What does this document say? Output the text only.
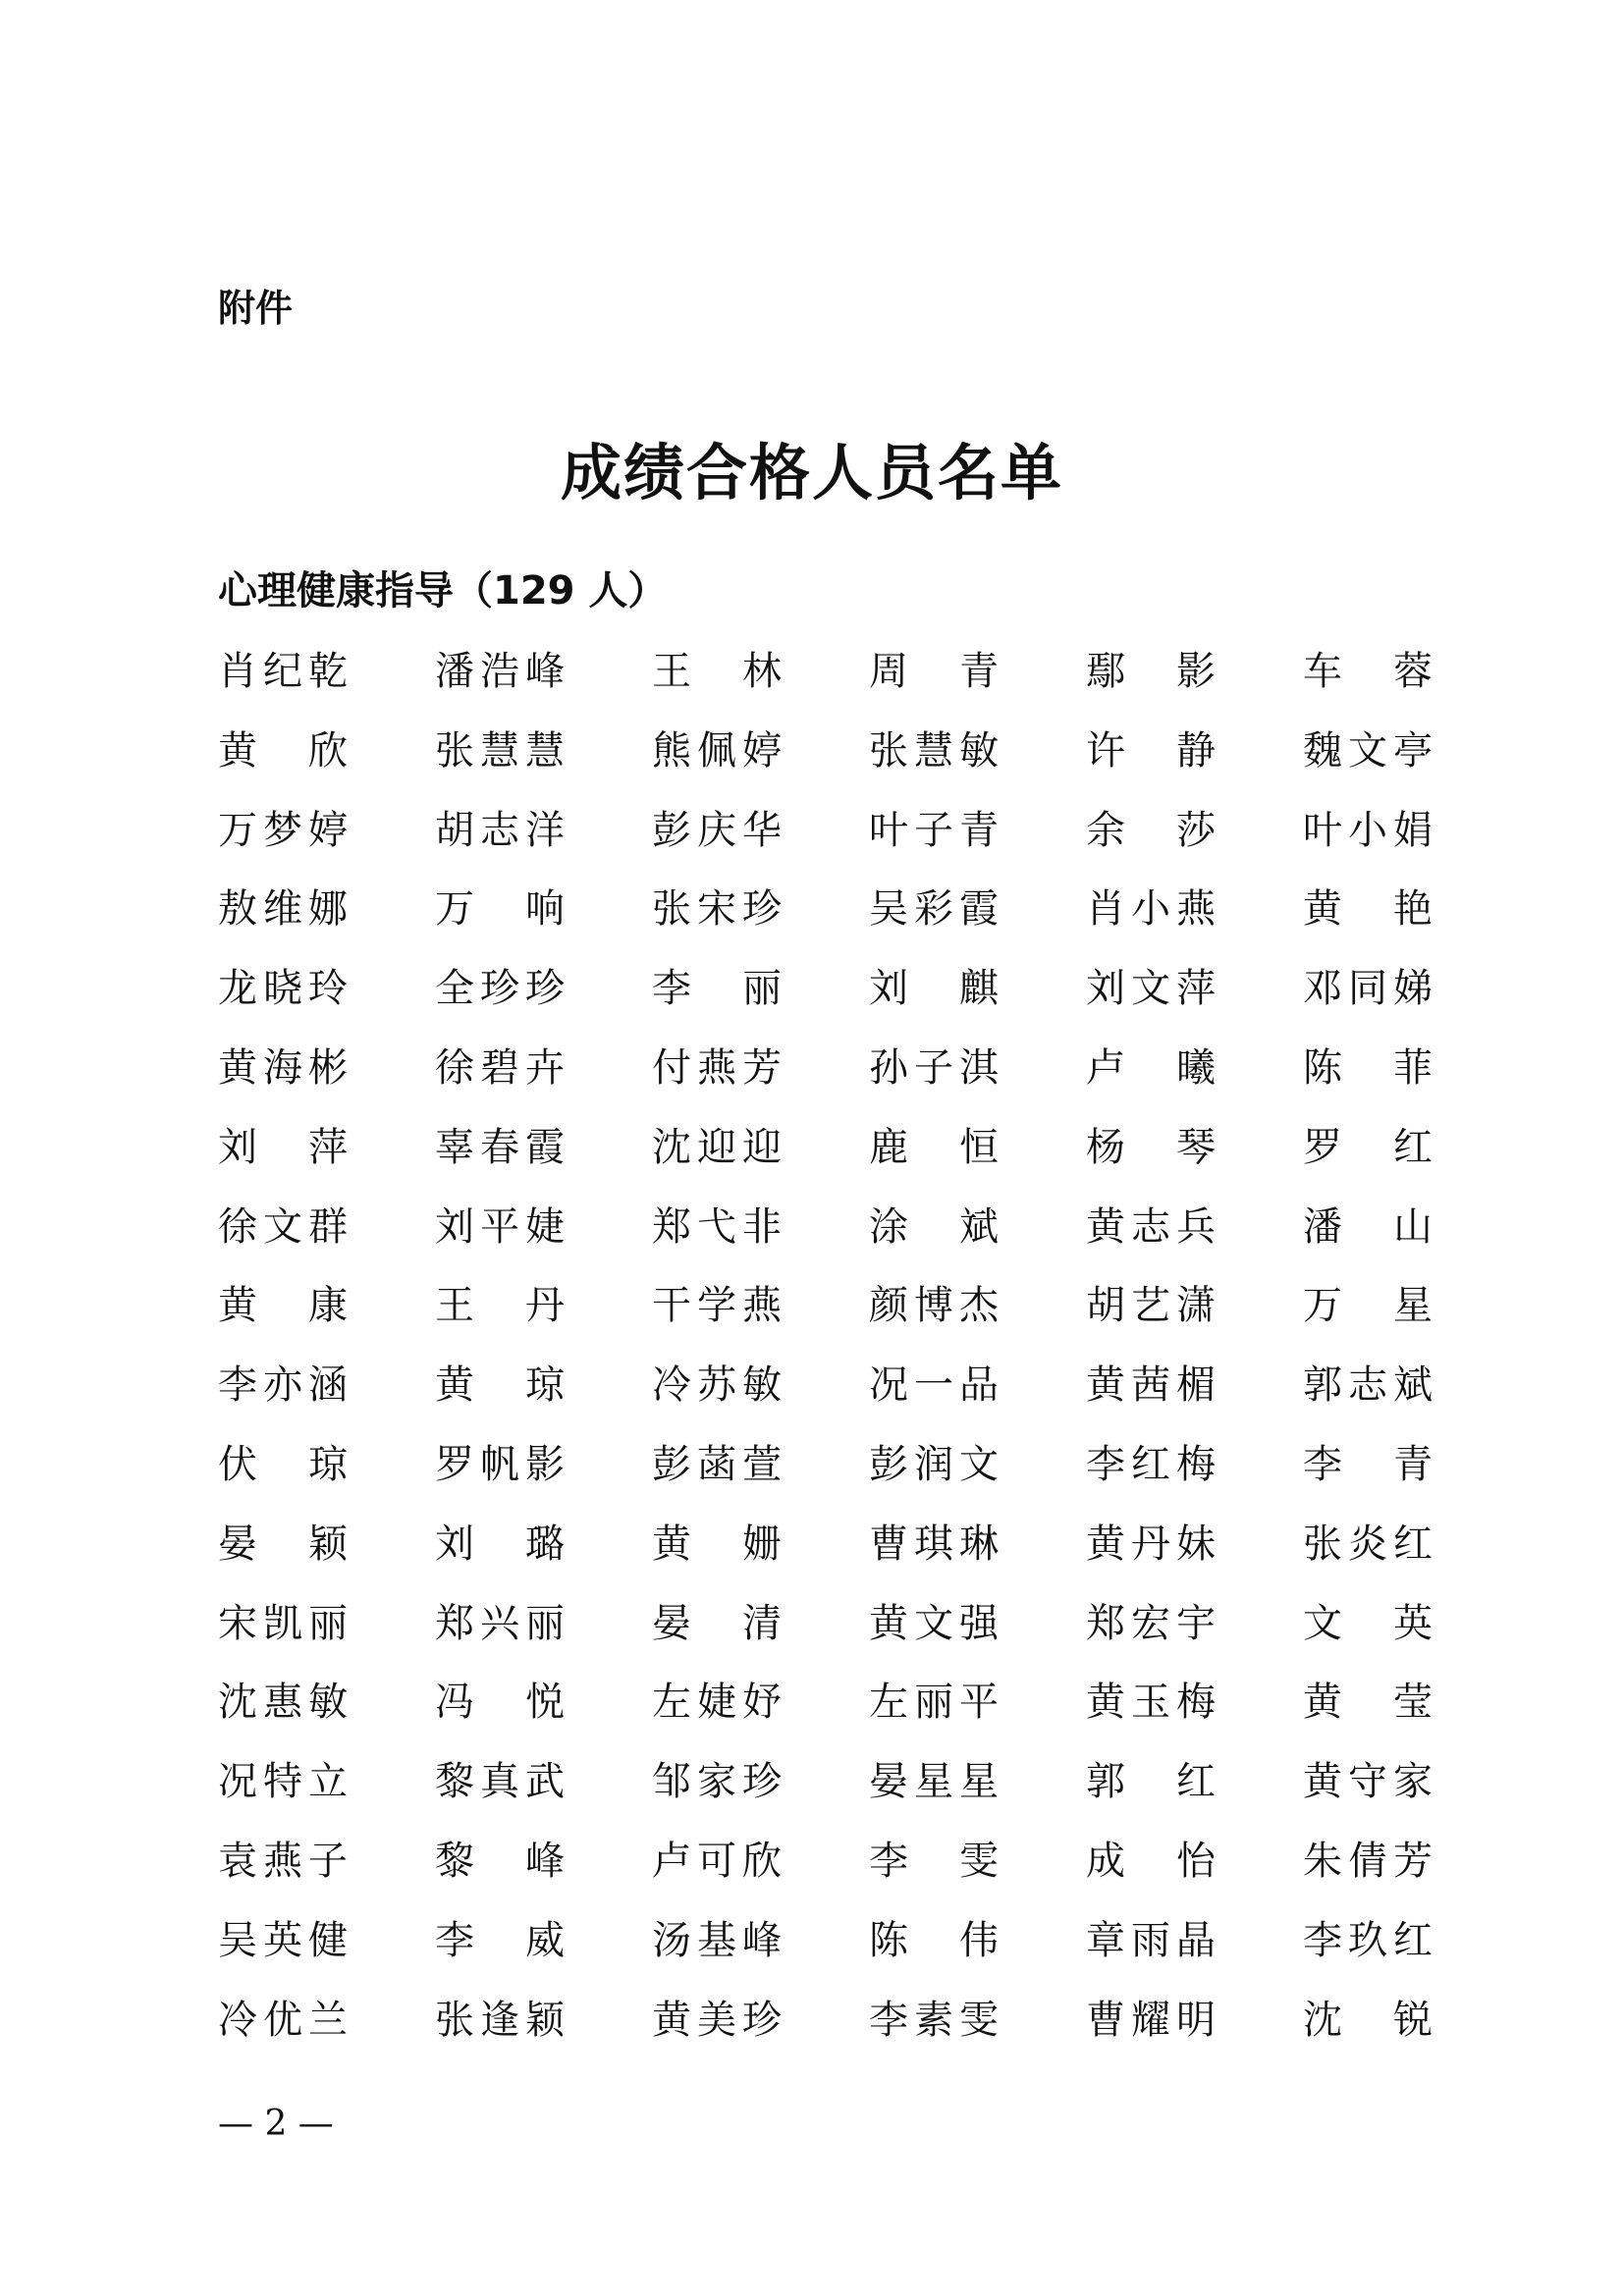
附件

成绩合格人员名单
心理健康指导（129 人）
肖 纪 乾 潘 浩 峰 王 林 周 青 鄢 影 车 蓉
黄 欣 张 慧 慧 熊 佩 婷 张 慧 敏 许 静 魏 文 亭
万 梦 婷 胡 志 洋 彭 庆 华 叶 子 青 余 莎 叶 小 娟
敖 维 娜 万 响 张 宋 珍 吴 彩 霞 肖 小 燕 黄 艳
龙 晓 玲 全 珍 珍 李 丽 刘 麒 刘 文 萍 邓 同 娣
黄 海 彬 徐 碧 卉 付 燕 芳 孙 子 淇 卢 曦 陈 菲
刘 萍 辜 春 霞 沈 迎 迎 鹿 恒 杨 琴 罗 红
徐 文 群 刘 平 婕 郑 弋 非 涂 斌 黄 志 兵 潘 山
黄 康 王 丹 干 学 燕 颜 博 杰 胡 艺 潇 万 星
李 亦 涵 黄 琼 冷 苏 敏 况 一 品 黄 茜 楣 郭 志 斌
伏 琼 罗 帆 影 彭 菡 萱 彭 润 文 李 红 梅 李 青
晏 颖 刘 璐 黄 姗 曹 琪 琳 黄 丹 妹 张 炎 红
宋 凯 丽 郑 兴 丽 晏 清 黄 文 强 郑 宏 宇 文 英
沈 惠 敏 冯 悦 左 婕 妤 左 丽 平 黄 玉 梅 黄 莹
况 特 立 黎 真 武 邹 家 珍 晏 星 星 郭 红 黄 守 家
袁 燕 子 黎 峰 卢 可 欣 李 雯 成 怡 朱 倩 芳
吴 英 健 李 威 汤 基 峰 陈 伟 章 雨 晶 李 玖 红
冷 优 兰 张 逢 颖 黄 美 珍 李 素 雯 曹 耀 明 沈 锐

— 2 —
